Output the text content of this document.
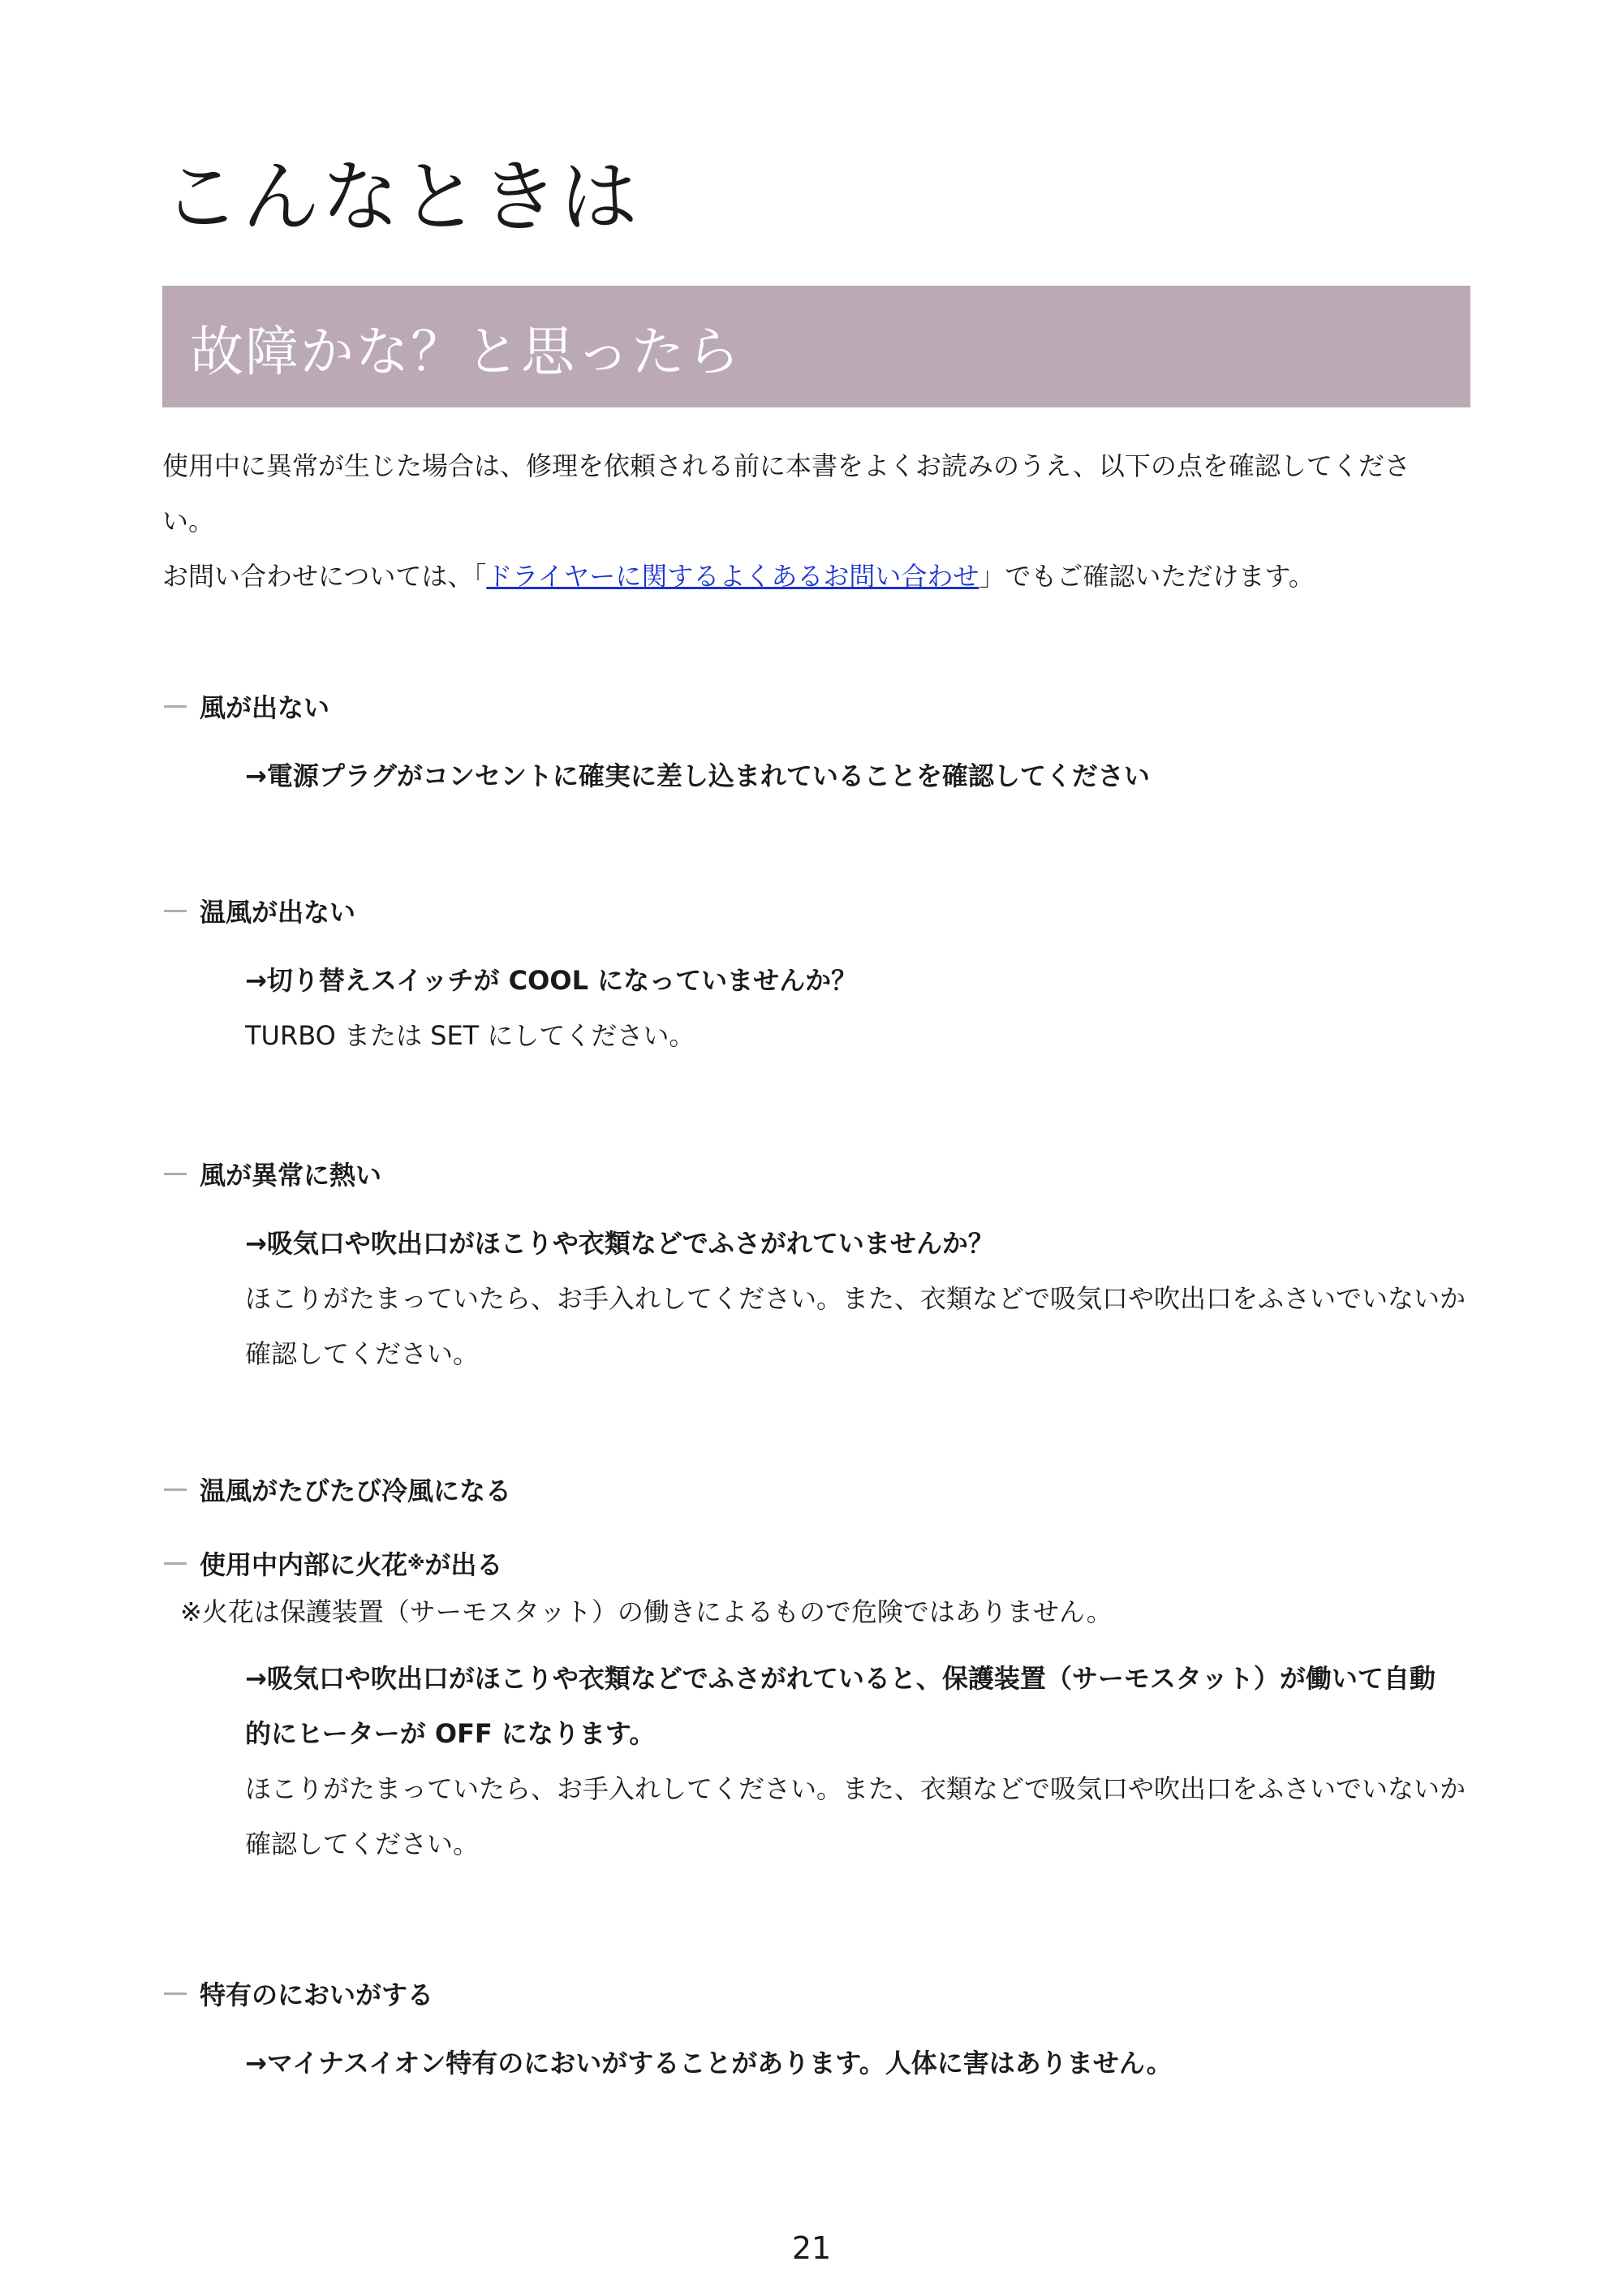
こんなときは
故障かな？と思ったら

使用中に異常が生じた場合は、修理を依頼される前に本書をよくお読みのうえ、以下の点を確認してくださ

い。

お問い合わせについては、「ドライヤーに関するよくあるお問い合わせ」でもご確認いただけます。

風が出ない
→電源プラグがコンセントに確実に差し込まれていることを確認してください
温風が出ない
→切り替えスイッチが COOL になっていませんか？
TURBO または SET にしてください。
風が異常に熱い
→吸気口や吹出口がほこりや衣類などでふさがれていませんか？
ほこりがたまっていたら、お手入れしてください。また、衣類などで吸気口や吹出口をふさいでいないか
確認してください。
温風がたびたび冷風になる
使用中内部に火花 ※ が出る
※火花は保護装置（サーモスタット）の働きによるもので危険ではありません。
→吸気口や吹出口がほこりや衣類などでふさがれていると、保護装置（サーモスタット）が働いて自動
的にヒーターが OFF になります。
ほこりがたまっていたら、お手入れしてください。また、衣類などで吸気口や吹出口をふさいでいないか
確認してください。
特有のにおいがする
→マイナスイオン特有のにおいがすることがあります。人体に害はありません。
21
